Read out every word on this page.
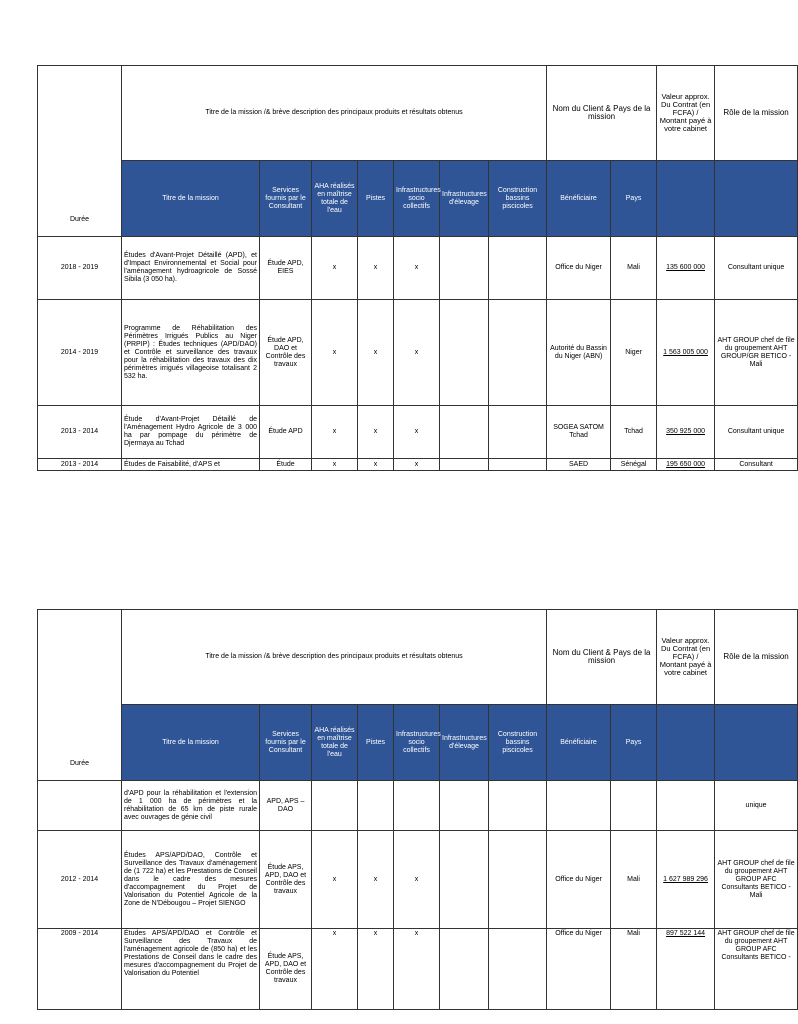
Durée	Titre de la mission /& brève description des principaux produits et résultats obtenus							Nom du Client & Pays de la mission		Valeur approx. Du Contrat (en FCFA) / Montant payé à votre cabinet	Rôle de la mission
	Titre de la mission	Services fournis par le Consultant	AHA réalisés en maîtrise totale de l'eau	Pistes	Infrastructures socio collectifs	Infrastructures d'élevage	Construction bassins piscicoles	Bénéficiaire	Pays		
2018 - 2019	Études d'Avant-Projet Détaillé (APD), et d'Impact Environnemental et Social pour l'aménagement hydroagricole de Sossé Sibila (3 050 ha).	Étude APD, EIES	x	x	x			Office du Niger	Mali	135 600 000	Consultant unique
2014 - 2019	Programme de Réhabilitation des Périmètres Irrigués Publics au Niger (PRPIP) : Études techniques (APD/DAO) et Contrôle et surveillance des travaux pour la réhabilitation des travaux des dix périmètres irrigués villageoise totalisant 2 532 ha.	Étude APD, DAO et Contrôle des travaux	x	x	x			Autorité du Bassin du Niger (ABN)	Niger	1 563 005 000	AHT GROUP chef de file du groupement AHT GROUP/GR BETICO - Mali
2013 - 2014	Étude d'Avant-Projet Détaillé de l'Aménagement Hydro Agricole de 3 000 ha par pompage du périmètre de Djermaya au Tchad	Étude APD	x	x	x			SOGEA SATOM Tchad	Tchad	350 925 000	Consultant unique
2013 - 2014	Études de Faisabilité, d'APS et	Étude	x	x	x			SAED	Sénégal	195 650 000	Consultant
Durée	Titre de la mission /& brève description des principaux produits et résultats obtenus							Nom du Client & Pays de la mission		Valeur approx. Du Contrat (en FCFA) / Montant payé à votre cabinet	Rôle de la mission
	Titre de la mission	Services fournis par le Consultant	AHA réalisés en maîtrise totale de l'eau	Pistes	Infrastructures socio collectifs	Infrastructures d'élevage	Construction bassins piscicoles	Bénéficiaire	Pays		
	d'APD pour la réhabilitation et l'extension de 1 000 ha de périmètres et la réhabilitation de 65 km de piste rurale avec ouvrages de génie civil	APD, APS – DAO									unique
2012 - 2014	Études APS/APD/DAO, Contrôle et Surveillance des Travaux d'aménagement de (1 722 ha) et les Prestations de Conseil dans le cadre des mesures d'accompagnement du Projet de Valorisation du Potentiel Agricole de la Zone de N'Débougou – Projet SIENGO	Étude APS, APD, DAO et Contrôle des travaux	x	x	x			Office du Niger	Mali	1 627 989 296	AHT GROUP chef de file du groupement AHT GROUP AFC Consultants BETICO - Mali
2009 - 2014	Études APS/APD/DAO et Contrôle et Surveillance des Travaux de l'aménagement agricole de (850 ha) et les Prestations de Conseil dans le cadre des mesures d'accompagnement du Projet de Valorisation du Potentiel	Étude APS, APD, DAO et Contrôle des travaux	x	x	x			Office du Niger	Mali	897 522 144	AHT GROUP chef de file du groupement AHT GROUP AFC Consultants BETICO -
